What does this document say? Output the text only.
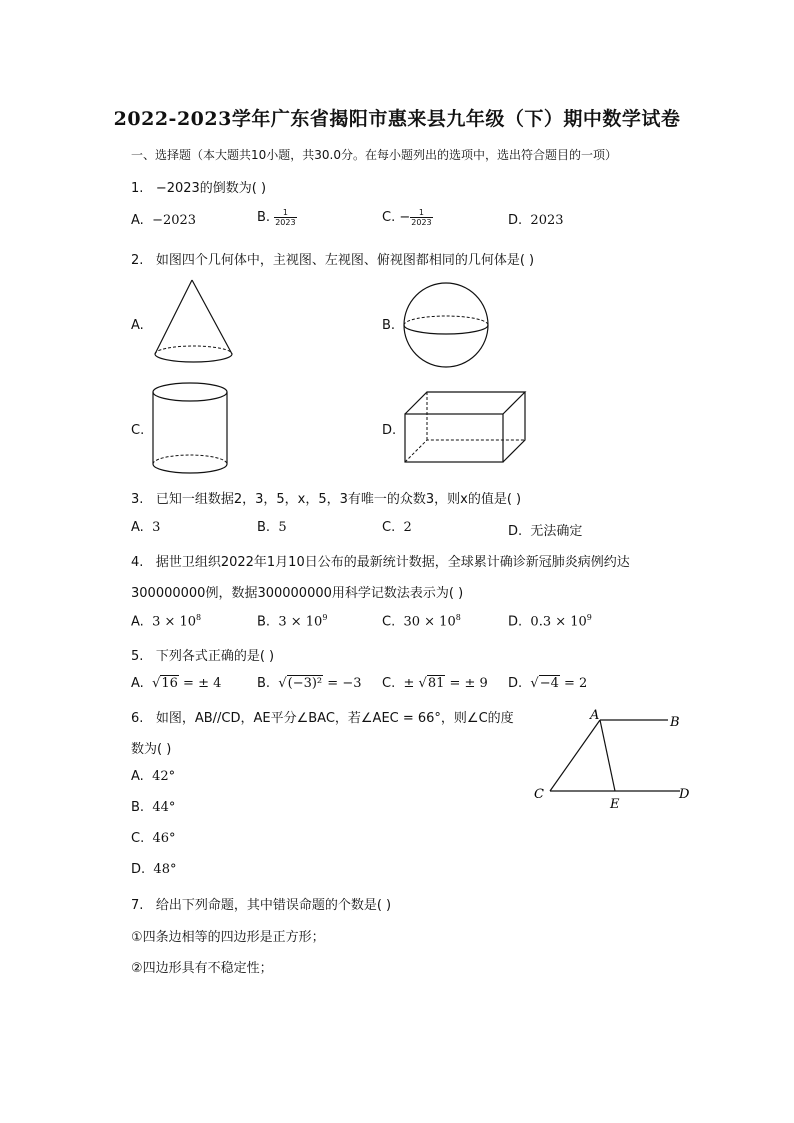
2022-2023学年广东省揭阳市惠来县九年级（下）期中数学试卷
一、选择题（本大题共10小题，共30.0分。在每小题列出的选项中，选出符合题目的一项）
1. −2023的倒数为( )
A. −2023	B. $\frac{1}{2023}$	C. − $\frac{1}{2023}$	D. 2023
2. 如图四个几何体中，主视图、左视图、俯视图都相同的几何体是( )
A.	B.
C.	D.
3. 已知一组数据2，3，5，x，5，3有唯一的众数3，则x的值是( )
A. 3	B. 5	C. 2	D. 无法确定
4. 据世卫组织2022年1月10日公布的最新统计数据，全球累计确诊新冠肺炎病例约达
300000000例，数据300000000用科学记数法表示为( )
A. $3 \times 10^8$	B. $3 \times 10^9$	C. $30 \times 10^8$	D. $0.3 \times 10^9$
5. 下列各式正确的是( )
A. √16 = ± 4	B. √(−3)² = −3 C. ± √81 = ± 9 D. √−4 = 2
6. 如图，AB//CD，AE平分∠BAC，若∠AEC = 66°，则∠C的度
数为( )
A. 42°
B. 44°
C. 46°
D. 48°
A	B
C	D
E
7. 给出下列命题，其中错误命题的个数是( )
①四条边相等的四边形是正方形；
②四边形具有不稳定性；
